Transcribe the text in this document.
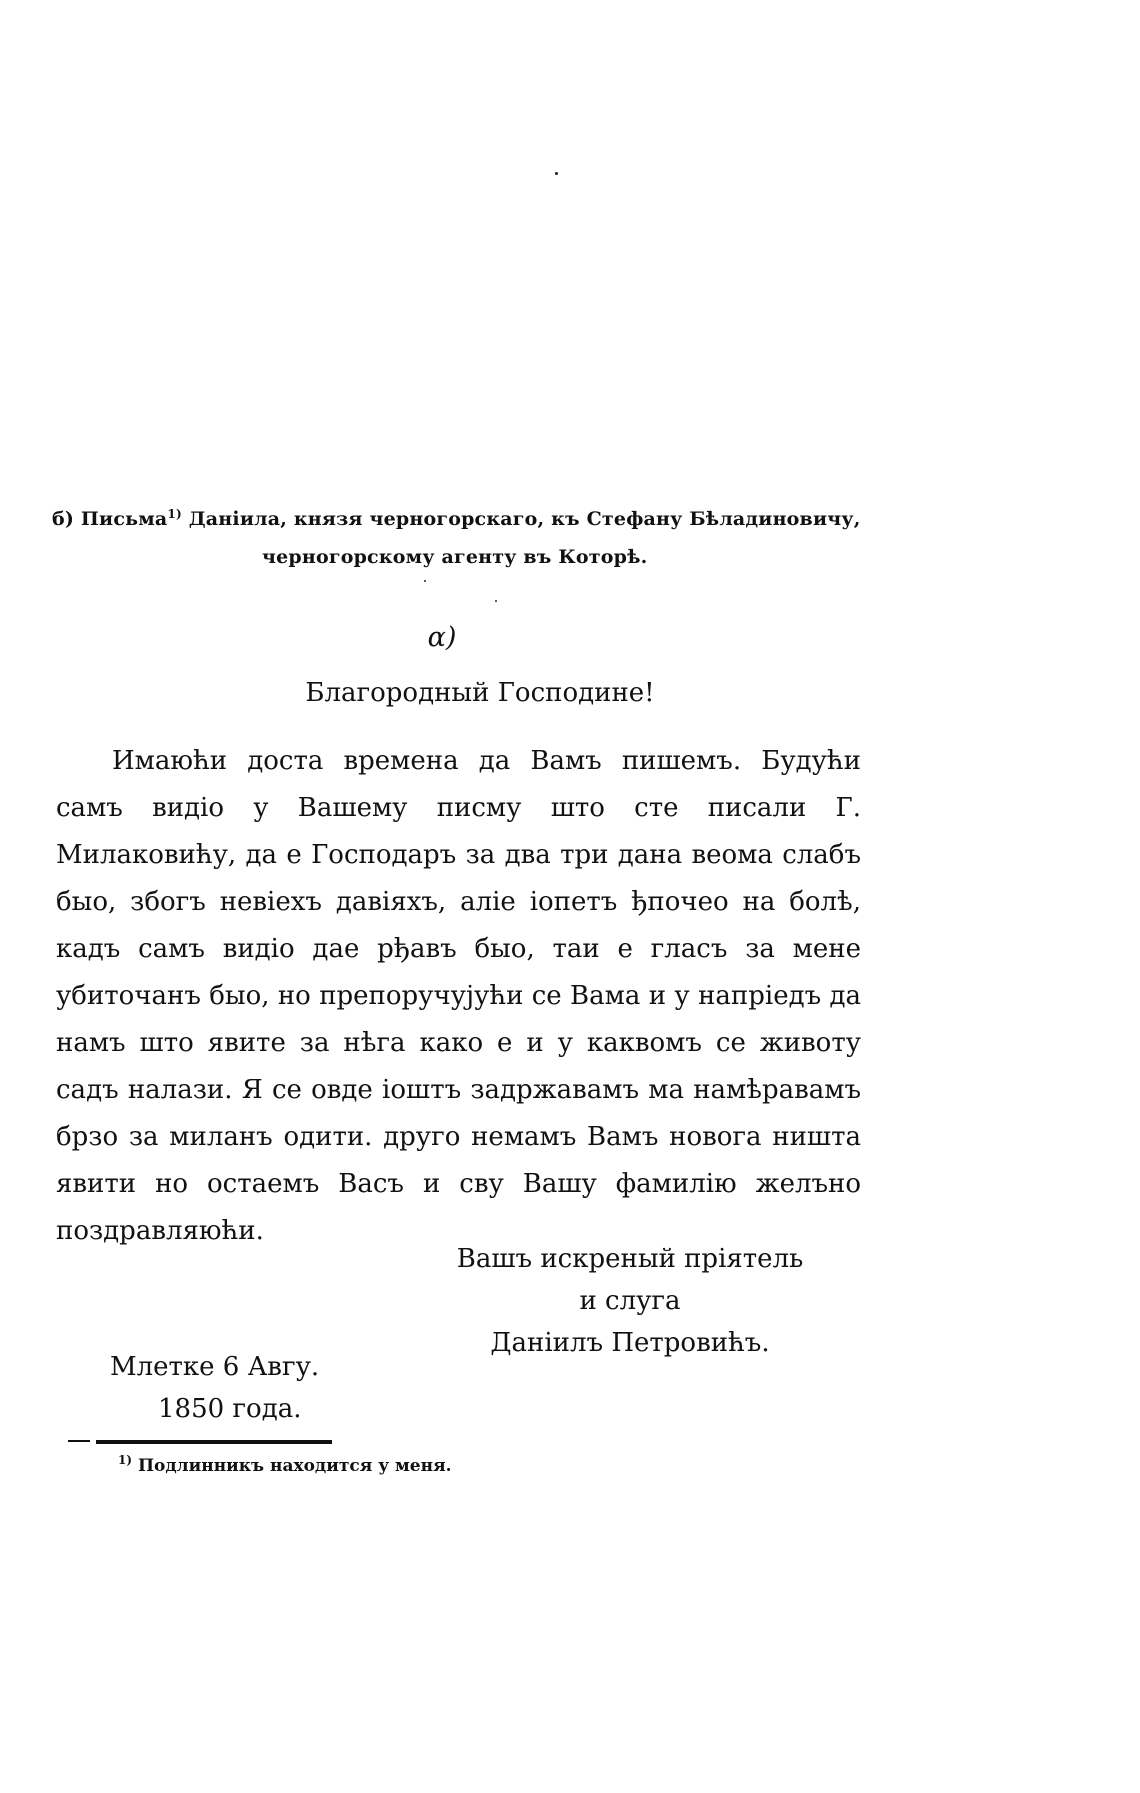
б) Письма$^{1)}$ Данiила, князя черногорскаго, къ Стефану Бѣладиновичу,
черногорскому агенту въ Которѣ.
α)
Благородный Господине!

Имаюћи доста времена да Вамъ пишемъ. Будући самъ видio у Вашему писму што сте писали Г. Милаковићу, да е Господаръ за два три дана веома слабъ быо, збогъ невiехъ давiяхъ, алiе iопетъ ђпочео на болѣ, кадъ самъ видio дае рђавъ быо, таи е гласъ за мене убиточанъ быо, но препоручујући се Вама и у напрiедъ да намъ што явите за нѣга како е и у каквомъ се животу садъ налази. Я се овде iоштъ задржавамъ ма намѣравамъ брзо за миланъ одити. друго немамъ Вамъ новога ништа явити но остаемъ Васъ и сву Вашу фамилiю желъно поздравляюћи.

Вашъ искреный прiятель
и слуга
Данiилъ Петровићъ.
Млетке 6 Авгу.
1850 года.
$^{1)}$ Подлинникъ находится у меня.
